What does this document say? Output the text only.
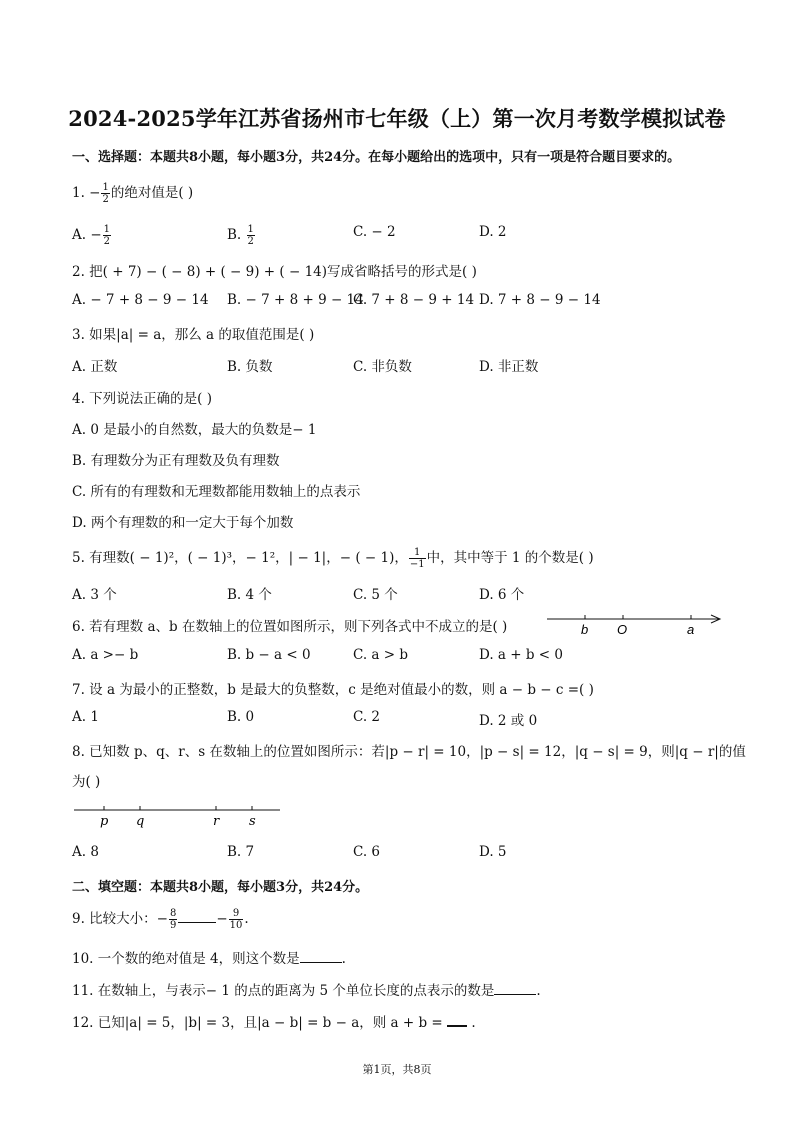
2024-2025学年江苏省扬州市七年级（上）第一次月考数学模拟试卷
一、选择题：本题共8小题，每小题3分，共24分。在每小题给出的选项中，只有一项是符合题目要求的。
1. − $\frac{1}{2}$ 的绝对值是( )
A. − $\frac{1}{2}$	B. $\frac{1}{2}$	C. − 2	D. 2
2. 把( + 7) − ( − 8) + ( − 9) + ( − 14)写成省略括号的形式是( )
A. − 7 + 8 − 9 − 14 B. − 7 + 8 + 9 − 14
C. 7 + 8 − 9 + 14 D. 7 + 8 − 9 − 14
3. 如果|a| = a，那么 a 的取值范围是( )
A. 正数	B. 负数	C. 非负数	D. 非正数
4. 下列说法正确的是( )
A. 0 是最小的自然数，最大的负数是− 1
B. 有理数分为正有理数及负有理数
C. 所有的有理数和无理数都能用数轴上的点表示
D. 两个有理数的和一定大于每个加数
5. 有理数( − 1)²，( − 1)³，− 1²，| − 1|，− ( − 1)， $\frac{1}{-1}$ 中，其中等于 1 的个数是( )
A. 3 个	B. 4 个	C. 5 个	D. 6 个
6. 若有理数 a、b 在数轴上的位置如图所示，则下列各式中不成立的是( )	b O	a
A. a >− b	B. b − a < 0	C. a > b	D. a + b < 0
7. 设 a 为最小的正整数，b 是最大的负整数，c 是绝对值最小的数，则 a − b − c =( )
A. 1	B. 0	C. 2	D. 2 或 0
8. 已知数 p、q、r、s 在数轴上的位置如图所示：若|p − r| = 10，|p − s| = 12，|q − s| = 9，则|q − r|的值
为( )
p q	r s
A. 8	B. 7	C. 6	D. 5
二、填空题：本题共8小题，每小题3分，共24分。
9. 比较大小：− $\frac{8}{9}$	− $\frac{9}{10}$ .
10. 一个数的绝对值是 4，则这个数是	.
11. 在数轴上，与表示− 1 的点的距离为 5 个单位长度的点表示的数是	.
12. 已知|a| = 5，|b| = 3，且|a − b| = b − a，则 a + b =  .
第1页，共8页
